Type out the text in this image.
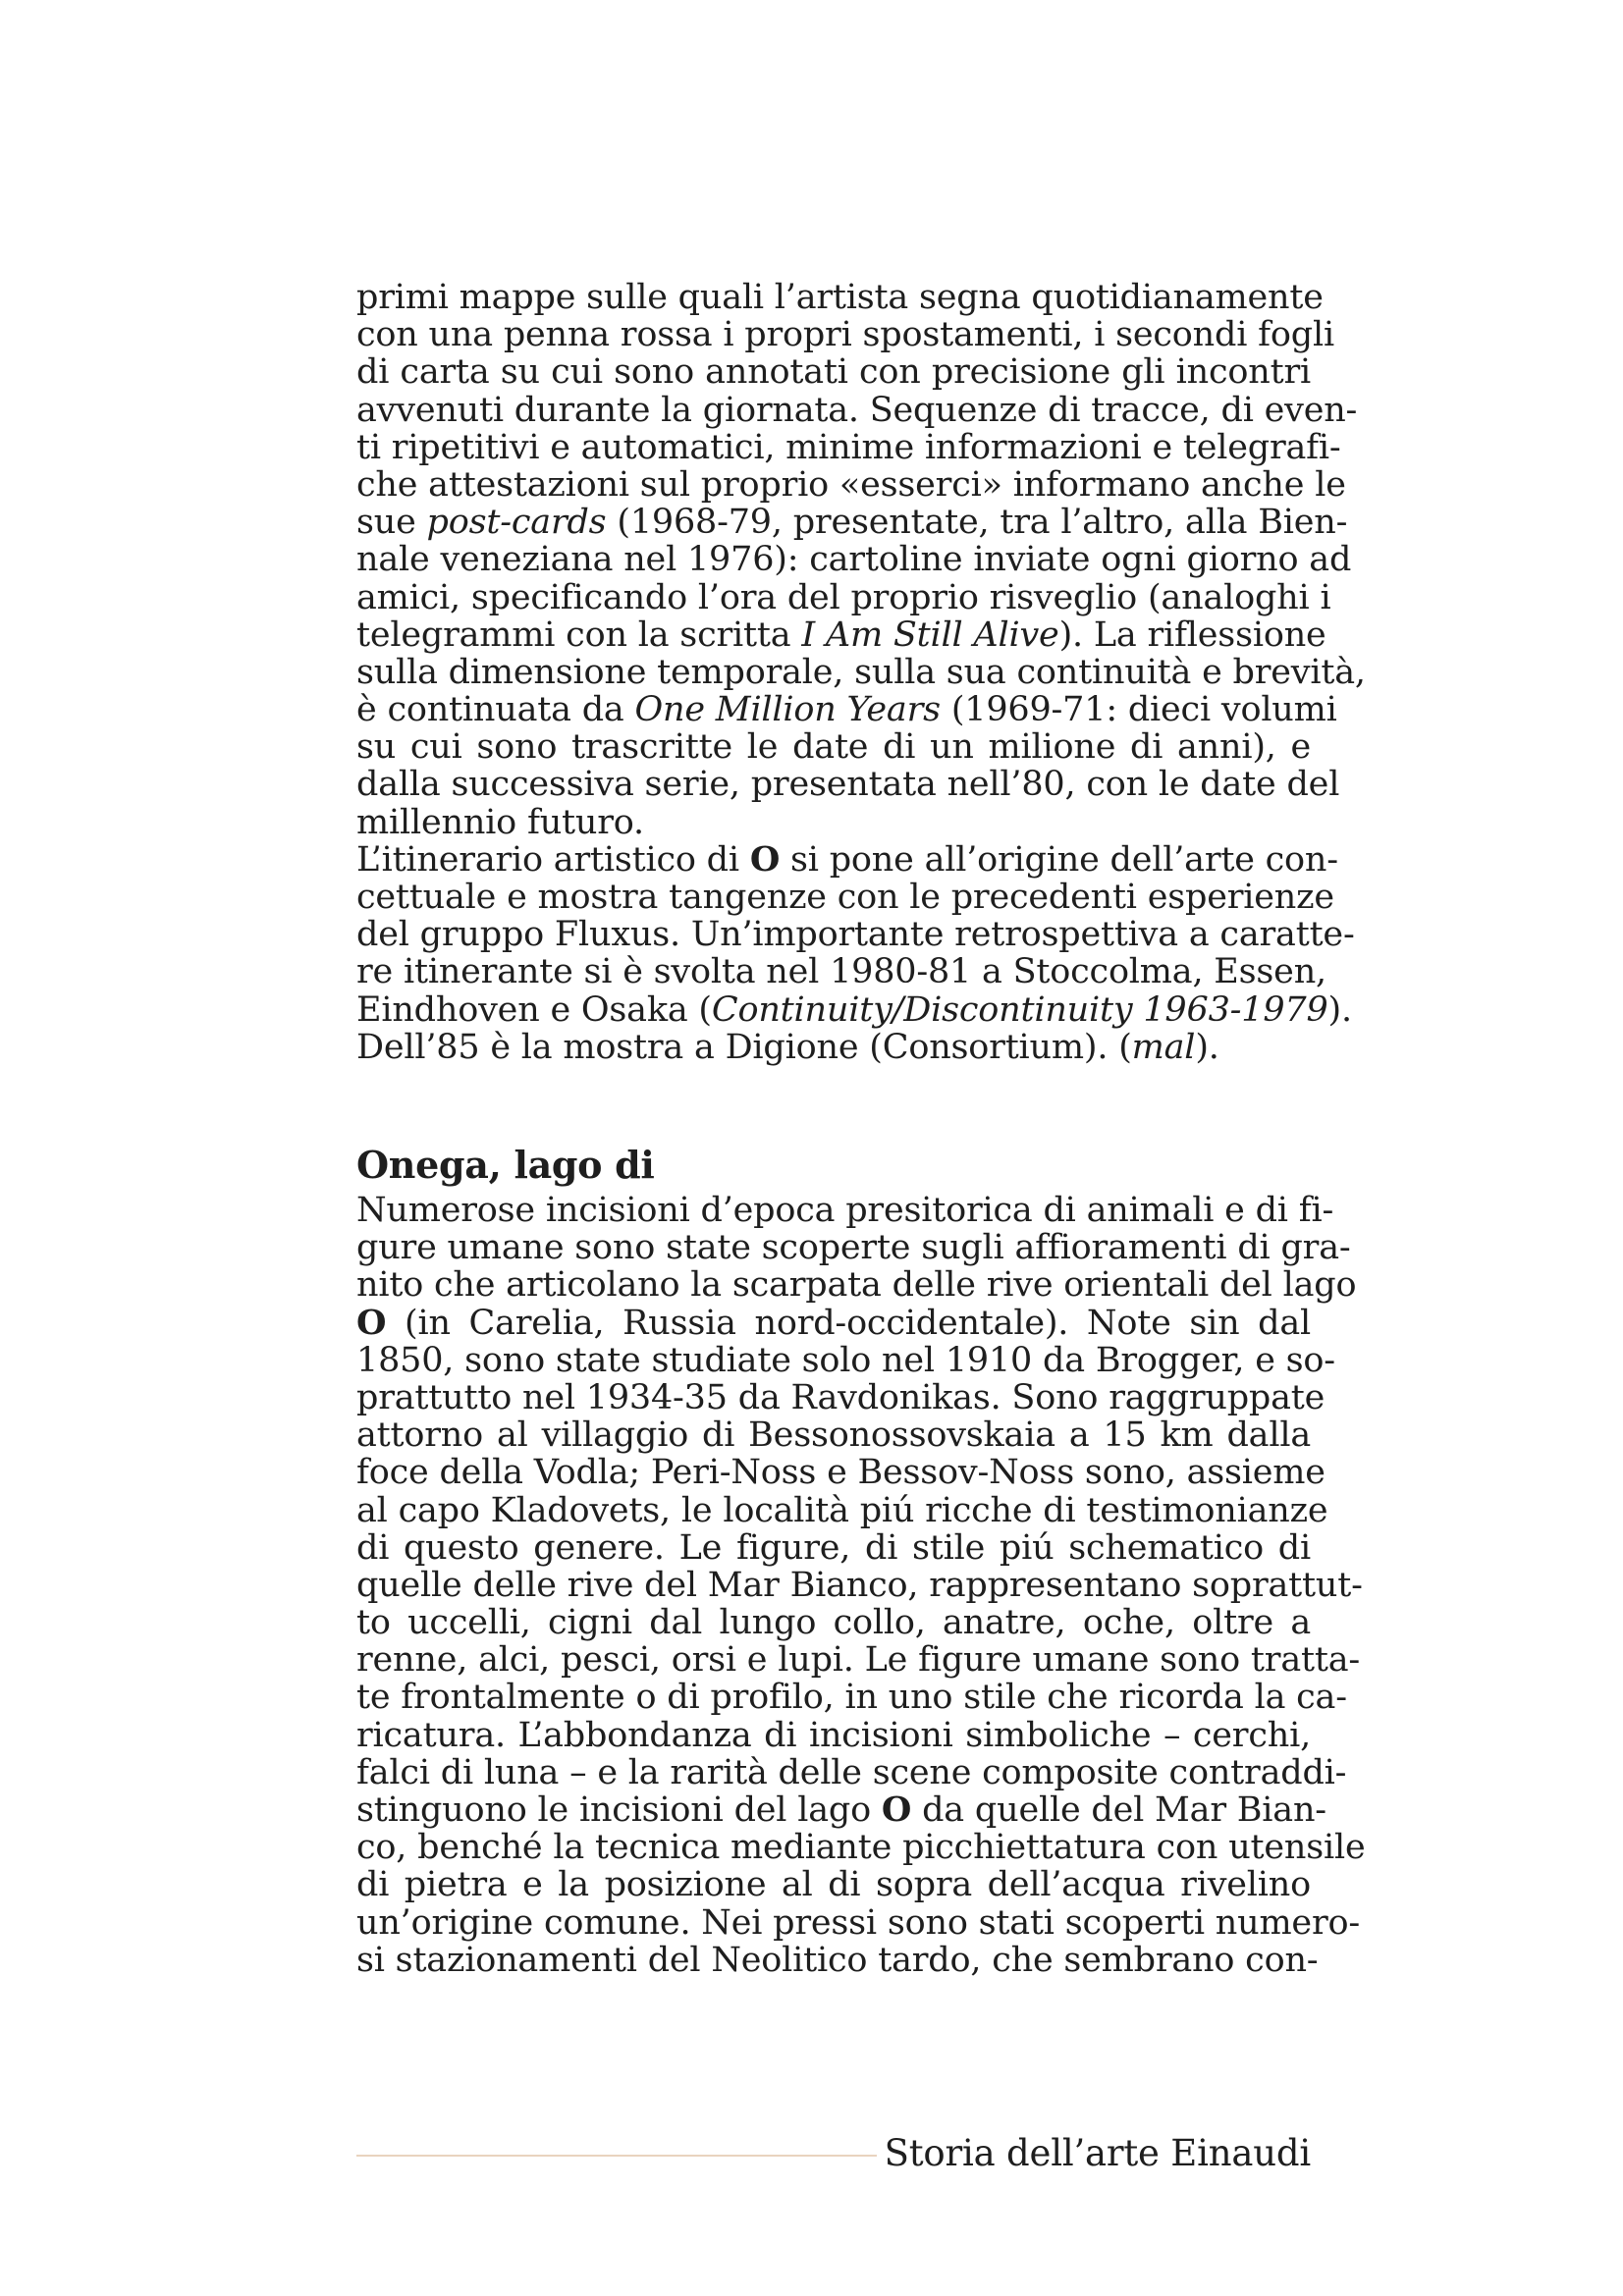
primi mappe sulle quali l’artista segna quotidianamente
con una penna rossa i propri spostamenti, i secondi fogli
di carta su cui sono annotati con precisione gli incontri
avvenuti durante la giornata. Sequenze di tracce, di even-
ti ripetitivi e automatici, minime informazioni e telegrafi-
che attestazioni sul proprio «esserci» informano anche le
sue post-cards (1968-79, presentate, tra l’altro, alla Bien-
nale veneziana nel 1976): cartoline inviate ogni giorno ad
amici, specificando l’ora del proprio risveglio (analoghi i
telegrammi con la scritta I Am Still Alive). La riflessione
sulla dimensione temporale, sulla sua continuità e brevità,
è continuata da One Million Years (1969-71: dieci volumi
su cui sono trascritte le date di un milione di anni), e
dalla successiva serie, presentata nell’80, con le date del
millennio futuro.
L’itinerario artistico di O si pone all’origine dell’arte con-
cettuale e mostra tangenze con le precedenti esperienze
del gruppo Fluxus. Un’importante retrospettiva a caratte-
re itinerante si è svolta nel 1980-81 a Stoccolma, Essen,
Eindhoven e Osaka (Continuity/Discontinuity 1963-1979).
Dell’85 è la mostra a Digione (Consortium). (mal).
Onega, lago di
Numerose incisioni d’epoca presitorica di animali e di fi-
gure umane sono state scoperte sugli affioramenti di gra-
nito che articolano la scarpata delle rive orientali del lago
O (in Carelia, Russia nord-occidentale). Note sin dal
1850, sono state studiate solo nel 1910 da Brogger, e so-
prattutto nel 1934-35 da Ravdonikas. Sono raggruppate
attorno al villaggio di Bessonossovskaia a 15 km dalla
foce della Vodla; Peri-Noss e Bessov-Noss sono, assieme
al capo Kladovets, le località piú ricche di testimonianze
di questo genere. Le figure, di stile piú schematico di
quelle delle rive del Mar Bianco, rappresentano soprattut-
to uccelli, cigni dal lungo collo, anatre, oche, oltre a
renne, alci, pesci, orsi e lupi. Le figure umane sono tratta-
te frontalmente o di profilo, in uno stile che ricorda la ca-
ricatura. L’abbondanza di incisioni simboliche – cerchi,
falci di luna – e la rarità delle scene composite contraddi-
stinguono le incisioni del lago O da quelle del Mar Bian-
co, benché la tecnica mediante picchiettatura con utensile
di pietra e la posizione al di sopra dell’acqua rivelino
un’origine comune. Nei pressi sono stati scoperti numero-
si stazionamenti del Neolitico tardo, che sembrano con-
Storia dell’arte Einaudi
